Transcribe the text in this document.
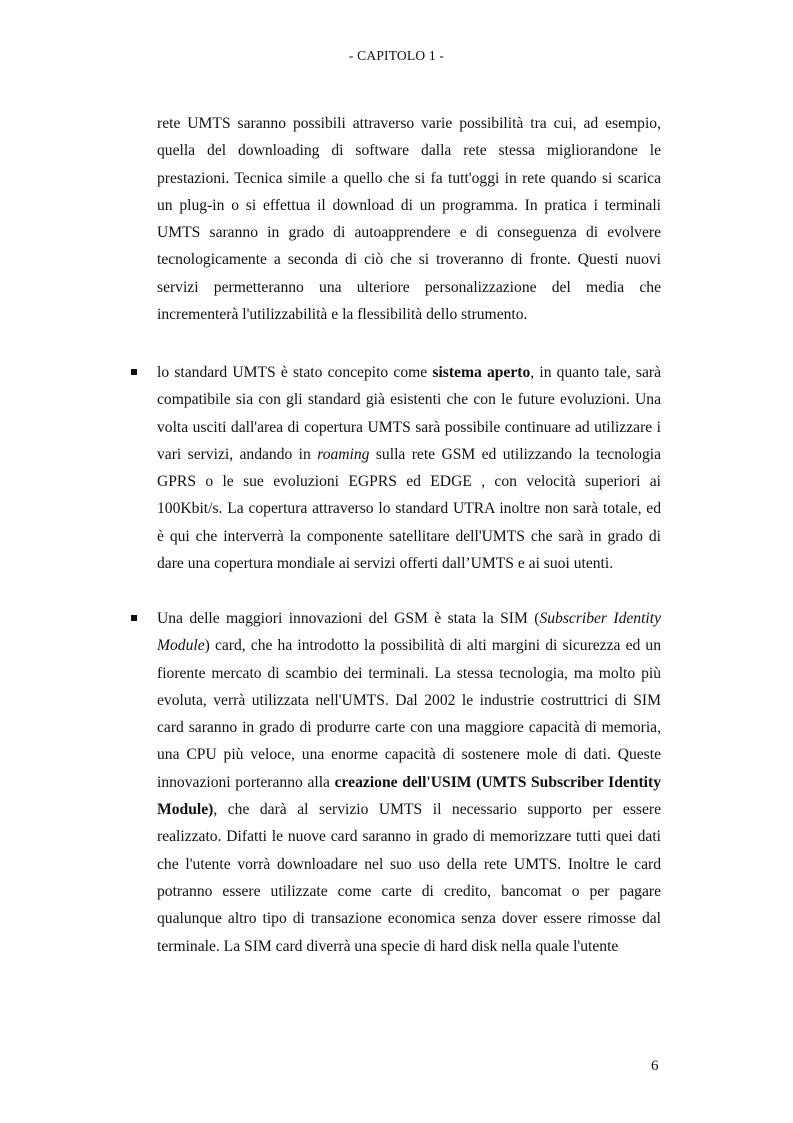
- CAPITOLO 1 -

rete UMTS saranno possibili attraverso varie possibilità tra cui, ad esempio, quella del downloading di software dalla rete stessa migliorandone le prestazioni. Tecnica simile a quello che si fa tutt'oggi in rete quando si scarica un plug-in o si effettua il download di un programma. In pratica i terminali UMTS saranno in grado di autoapprendere e di conseguenza di evolvere tecnologicamente a seconda di ciò che si troveranno di fronte. Questi nuovi servizi permetteranno una ulteriore personalizzazione del media che incrementerà l'utilizzabilità e la flessibilità dello strumento.

lo standard UMTS è stato concepito come sistema aperto, in quanto tale, sarà compatibile sia con gli standard già esistenti che con le future evoluzioni. Una volta usciti dall'area di copertura UMTS sarà possibile continuare ad utilizzare i vari servizi, andando in roaming sulla rete GSM ed utilizzando la tecnologia GPRS o le sue evoluzioni EGPRS ed EDGE , con velocità superiori ai 100Kbit/s. La copertura attraverso lo standard UTRA inoltre non sarà totale, ed è qui che interverrà la componente satellitare dell'UMTS che sarà in grado di dare una copertura mondiale ai servizi offerti dall’UMTS e ai suoi utenti.

Una delle maggiori innovazioni del GSM è stata la SIM (Subscriber Identity Module) card, che ha introdotto la possibilità di alti margini di sicurezza ed un fiorente mercato di scambio dei terminali. La stessa tecnologia, ma molto più evoluta, verrà utilizzata nell'UMTS. Dal 2002 le industrie costruttrici di SIM card saranno in grado di produrre carte con una maggiore capacità di memoria, una CPU più veloce, una enorme capacità di sostenere mole di dati. Queste innovazioni porteranno alla creazione dell'USIM (UMTS Subscriber Identity Module), che darà al servizio UMTS il necessario supporto per essere realizzato. Difatti le nuove card saranno in grado di memorizzare tutti quei dati che l'utente vorrà downloadare nel suo uso della rete UMTS. Inoltre le card potranno essere utilizzate come carte di credito, bancomat o per pagare qualunque altro tipo di transazione economica senza dover essere rimosse dal terminale. La SIM card diverrà una specie di hard disk nella quale l'utente

6
